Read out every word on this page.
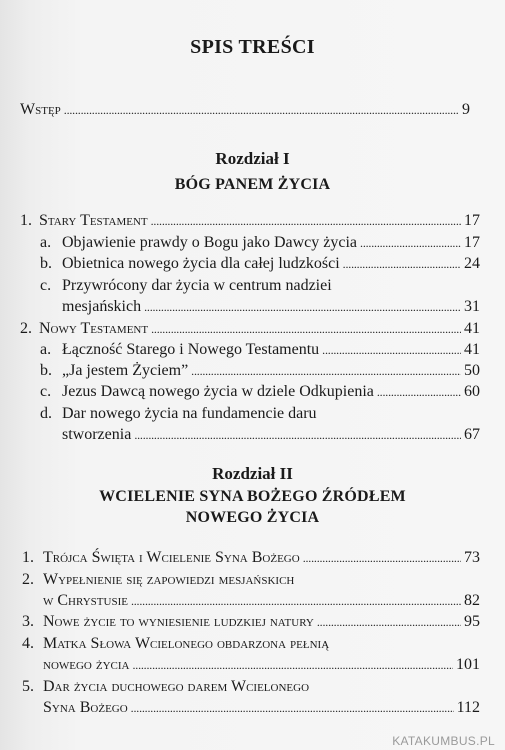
SPIS TREŚCI
Wstęp . . .	9
Rozdział I
BÓG PANEM ŻYCIA
1. Stary Testament . . .	17
a. Objawienie prawdy o Bogu jako Dawcy życia . . .	17
b. Obietnica nowego życia dla całej ludzkości . . .	24
c. Przywrócony dar życia w centrum nadziei
mesjańskich . . .	31
2. Nowy Testament . . .	41
a. Łączność Starego i Nowego Testamentu . . .	41
b. „Ja jestem Życiem” . . .	50
c. Jezus Dawcą nowego życia w dziele Odkupienia . . .	60
d. Dar nowego życia na fundamencie daru
stworzenia . . .	67
Rozdział II
WCIELENIE SYNA BOŻEGO ŹRÓDŁEM
NOWEGO ŻYCIA
1. Trójca Święta i Wcielenie Syna Bożego . . .	73
2. Wypełnienie się zapowiedzi mesjańskich
w Chrystusie . . .	82
3. Nowe życie to wyniesienie ludzkiej natury . . .	95
4. Matka Słowa Wcielonego obdarzona pełnią
nowego życia . . .	101
5. Dar życia duchowego darem Wcielonego
Syna Bożego . . .	112
KATAKUMBUS.PL
